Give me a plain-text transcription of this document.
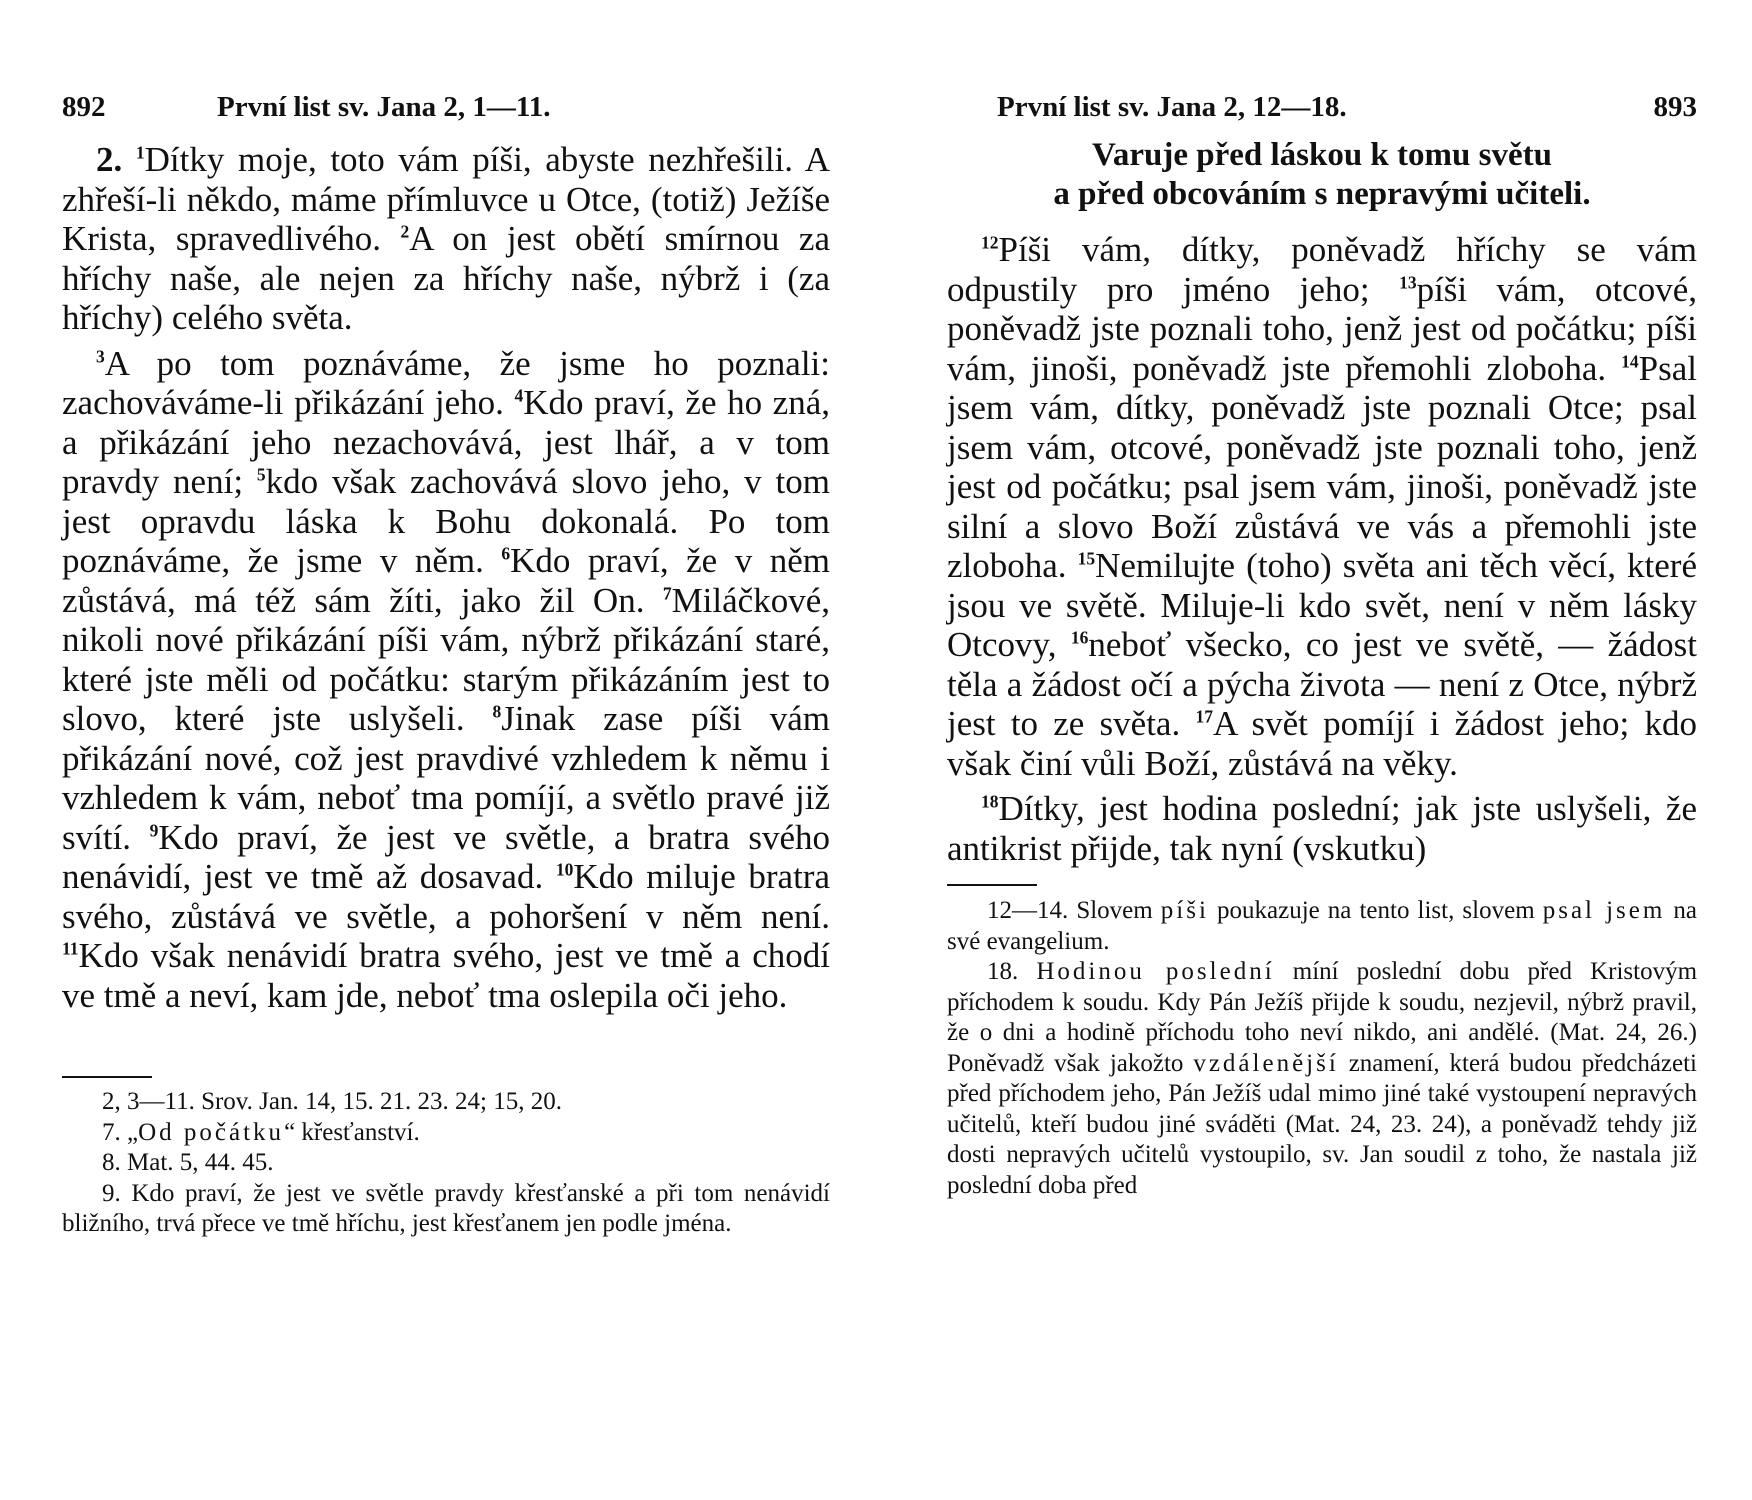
892	První list sv. Jana 2, 1—11.

2. $^1$Dítky moje, toto vám píši, abyste nezhřešili. A zhřeší-li někdo, máme přímluvce u Otce, (totiž) Ježíše Krista, spravedlivého. $^2$A on jest obětí smírnou za hříchy naše, ale nejen za hříchy naše, nýbrž i (za hříchy) celého světa.

$^3$A po tom poznáváme, že jsme ho poznali: zachováváme-li přikázání jeho. $^4$Kdo praví, že ho zná, a přikázání jeho nezachovává, jest lhář, a v tom pravdy není; $^5$kdo však zachovává slovo jeho, v tom jest opravdu láska k Bohu dokonalá. Po tom poznáváme, že jsme v něm. $^6$Kdo praví, že v něm zůstává, má též sám žíti, jako žil On. $^7$Miláčkové, nikoli nové přikázání píši vám, nýbrž přikázání staré, které jste měli od počátku: starým přikázáním jest to slovo, které jste uslyšeli. $^8$Jinak zase píši vám přikázání nové, což jest pravdivé vzhledem k němu i vzhledem k vám, neboť tma pomíjí, a světlo pravé již svítí. $^9$Kdo praví, že jest ve světle, a bratra svého nenávidí, jest ve tmě až dosavad. $^{10}$Kdo miluje bratra svého, zůstává ve světle, a pohoršení v něm není. $^{11}$Kdo však nenávidí bratra svého, jest ve tmě a chodí ve tmě a neví, kam jde, neboť tma oslepila oči jeho.

2, 3—11. Srov. Jan. 14, 15. 21. 23. 24; 15, 20.

7. „Od počátku“ křesťanství.

8. Mat. 5, 44. 45.

9. Kdo praví, že jest ve světle pravdy křesťanské a při tom nenávidí bližního, trvá přece ve tmě hříchu, jest křesťanem jen podle jména.

První list sv. Jana 2, 12—18.	893
Varuje před láskou k tomu světu
a před obcováním s nepravými učiteli.

$^{12}$Píši vám, dítky, poněvadž hříchy se vám odpustily pro jméno jeho; $^{13}$píši vám, otcové, poněvadž jste poznali toho, jenž jest od počátku; píši vám, jinoši, poněvadž jste přemohli zloboha. $^{14}$Psal jsem vám, dítky, poněvadž jste poznali Otce; psal jsem vám, otcové, poněvadž jste poznali toho, jenž jest od počátku; psal jsem vám, jinoši, poněvadž jste silní a slovo Boží zůstává ve vás a přemohli jste zloboha. $^{15}$Nemilujte (toho) světa ani těch věcí, které jsou ve světě. Miluje-li kdo svět, není v něm lásky Otcovy, $^{16}$neboť všecko, co jest ve světě, — žádost těla a žádost očí a pýcha života — není z Otce, nýbrž jest to ze světa. $^{17}$A svět pomíjí i žádost jeho; kdo však činí vůli Boží, zůstává na věky.

$^{18}$Dítky, jest hodina poslední; jak jste uslyšeli, že antikrist přijde, tak nyní (vskutku)

12—14. Slovem píši poukazuje na tento list, slovem psal jsem na své evangelium.

18. Hodinou poslední míní poslední dobu před Kristovým příchodem k soudu. Kdy Pán Ježíš přijde k soudu, nezjevil, nýbrž pravil, že o dni a hodině příchodu toho neví nikdo, ani andělé. (Mat. 24, 26.) Poněvadž však jakožto vzdálenější znamení, která budou předcházeti před příchodem jeho, Pán Ježíš udal mimo jiné také vystoupení nepravých učitelů, kteří budou jiné sváděti (Mat. 24, 23. 24), a poněvadž tehdy již dosti nepravých učitelů vystoupilo, sv. Jan soudil z toho, že nastala již poslední doba před
